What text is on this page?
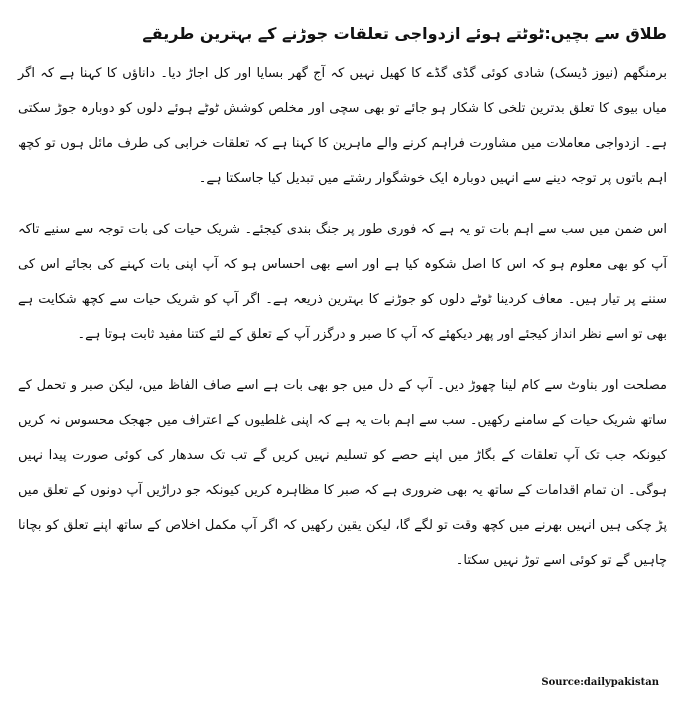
طلاق سے بچیں:ٹوٹتے ہوئے ازدواجی تعلقات جوڑنے کے بہترین طریقے

برمنگھم (نیوز ڈیسک) شادی کوئی گڈی گڈے کا کھیل نہیں کہ آج گھر بسایا اور کل اجاڑ دیا۔ داناؤں کا کہنا ہے کہ اگر میاں بیوی کا تعلق بدترین تلخی کا شکار ہو جائے تو بھی سچی اور مخلص کوشش ٹوٹے ہوئے دلوں کو دوبارہ جوڑ سکتی ہے۔ ازدواجی معاملات میں مشاورت فراہم کرنے والے ماہرین کا کہنا ہے کہ تعلقات خرابی کی طرف مائل ہوں تو کچھ اہم باتوں پر توجہ دینے سے انہیں دوبارہ ایک خوشگوار رشتے میں تبدیل کیا جاسکتا ہے۔

اس ضمن میں سب سے اہم بات تو یہ ہے کہ فوری طور پر جنگ بندی کیجئے۔ شریک حیات کی بات توجہ سے سنیے تاکہ آپ کو بھی معلوم ہو کہ اس کا اصل شکوہ کیا ہے اور اسے بھی احساس ہو کہ آپ اپنی بات کہنے کی بجائے اس کی سننے پر تیار ہیں۔ معاف کردینا ٹوٹے دلوں کو جوڑنے کا بہترین ذریعہ ہے۔ اگر آپ کو شریک حیات سے کچھ شکایت ہے بھی تو اسے نظر انداز کیجئے اور پھر دیکھئے کہ آپ کا صبر و درگزر آپ کے تعلق کے لئے کتنا مفید ثابت ہوتا ہے۔

مصلحت اور بناوٹ سے کام لینا چھوڑ دیں۔ آپ کے دل میں جو بھی بات ہے اسے صاف الفاظ میں، لیکن صبر و تحمل کے ساتھ شریک حیات کے سامنے رکھیں۔ سب سے اہم بات یہ ہے کہ اپنی غلطیوں کے اعتراف میں جھجک محسوس نہ کریں کیونکہ جب تک آپ تعلقات کے بگاڑ میں اپنے حصے کو تسلیم نہیں کریں گے تب تک سدھار کی کوئی صورت پیدا نہیں ہوگی۔ ان تمام اقدامات کے ساتھ یہ بھی ضروری ہے کہ صبر کا مظاہرہ کریں کیونکہ جو دراڑیں آپ دونوں کے تعلق میں پڑ چکی ہیں انہیں بھرنے میں کچھ وقت تو لگے گا، لیکن یقین رکھیں کہ اگر آپ مکمل اخلاص کے ساتھ اپنے تعلق کو بچانا چاہیں گے تو کوئی اسے توڑ نہیں سکتا۔

Source:dailypakistan
